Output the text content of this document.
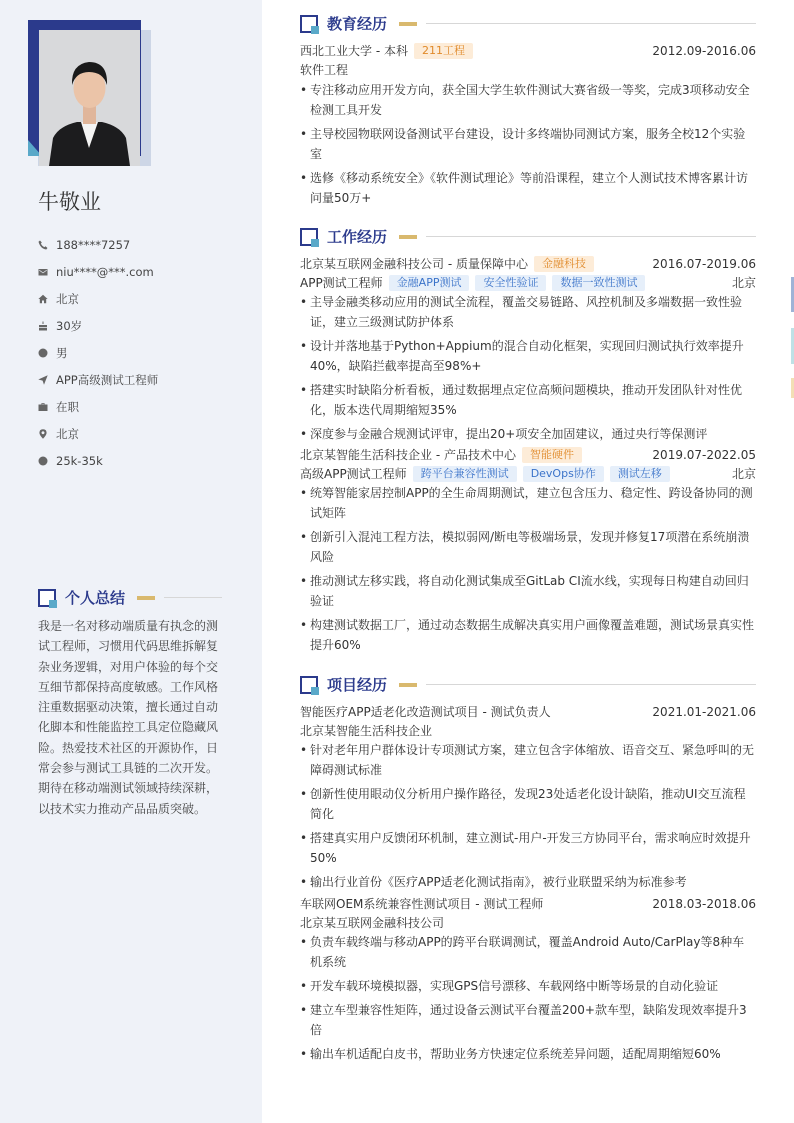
牛敬业
188****7257
niu****@***.com
北京
30岁
男
APP高级测试工程师
在职
北京
25k-35k
个人总结

我是一名对移动端质量有执念的测试工程师，习惯用代码思维拆解复杂业务逻辑，对用户体验的每个交互细节都保持高度敏感。工作风格注重数据驱动决策，擅长通过自动化脚本和性能监控工具定位隐藏风险。热爱技术社区的开源协作，日常会参与测试工具链的二次开发。期待在移动端测试领域持续深耕，以技术实力推动产品品质突破。

教育经历
西北工业大学 - 本科	211工程	2012.09-2016.06
软件工程

• 专注移动应用开发方向，获全国大学生软件测试大赛省级一等奖，完成3项移动安全检测工具开发

• 主导校园物联网设备测试平台建设，设计多终端协同测试方案，服务全校12个实验室

• 选修《移动系统安全》《软件测试理论》等前沿课程，建立个人测试技术博客累计访问量50万+

工作经历
北京某互联网金融科技公司 - 质量保障中心	金融科技	2016.07-2019.06
APP测试工程师	金融APP测试	安全性验证	数据一致性测试	北京

• 主导金融类移动应用的测试全流程，覆盖交易链路、风控机制及多端数据一致性验证，建立三级测试防护体系

• 设计并落地基于Python+Appium的混合自动化框架，实现回归测试执行效率提升40%，缺陷拦截率提高至98%+

• 搭建实时缺陷分析看板，通过数据埋点定位高频问题模块，推动开发团队针对性优化，版本迭代周期缩短35%

• 深度参与金融合规测试评审，提出20+项安全加固建议，通过央行等保测评

北京某智能生活科技企业 - 产品技术中心	智能硬件	2019.07-2022.05
高级APP测试工程师	跨平台兼容性测试	DevOps协作	测试左移	北京

• 统筹智能家居控制APP的全生命周期测试，建立包含压力、稳定性、跨设备协同的测试矩阵

• 创新引入混沌工程方法，模拟弱网/断电等极端场景，发现并修复17项潜在系统崩溃风险

• 推动测试左移实践，将自动化测试集成至GitLab CI流水线，实现每日构建自动回归验证

• 构建测试数据工厂，通过动态数据生成解决真实用户画像覆盖难题，测试场景真实性提升60%

项目经历
智能医疗APP适老化改造测试项目 - 测试负责人	2021.01-2021.06
北京某智能生活科技企业

• 针对老年用户群体设计专项测试方案，建立包含字体缩放、语音交互、紧急呼叫的无障碍测试标准

• 创新性使用眼动仪分析用户操作路径，发现23处适老化设计缺陷，推动UI交互流程简化

• 搭建真实用户反馈闭环机制，建立测试-用户-开发三方协同平台，需求响应时效提升50%

• 输出行业首份《医疗APP适老化测试指南》，被行业联盟采纳为标准参考

车联网OEM系统兼容性测试项目 - 测试工程师	2018.03-2018.06
北京某互联网金融科技公司

• 负责车载终端与移动APP的跨平台联调测试，覆盖Android Auto/CarPlay等8种车机系统

• 开发车载环境模拟器，实现GPS信号漂移、车载网络中断等场景的自动化验证

• 建立车型兼容性矩阵，通过设备云测试平台覆盖200+款车型，缺陷发现效率提升3倍

• 输出车机适配白皮书，帮助业务方快速定位系统差异问题，适配周期缩短60%
